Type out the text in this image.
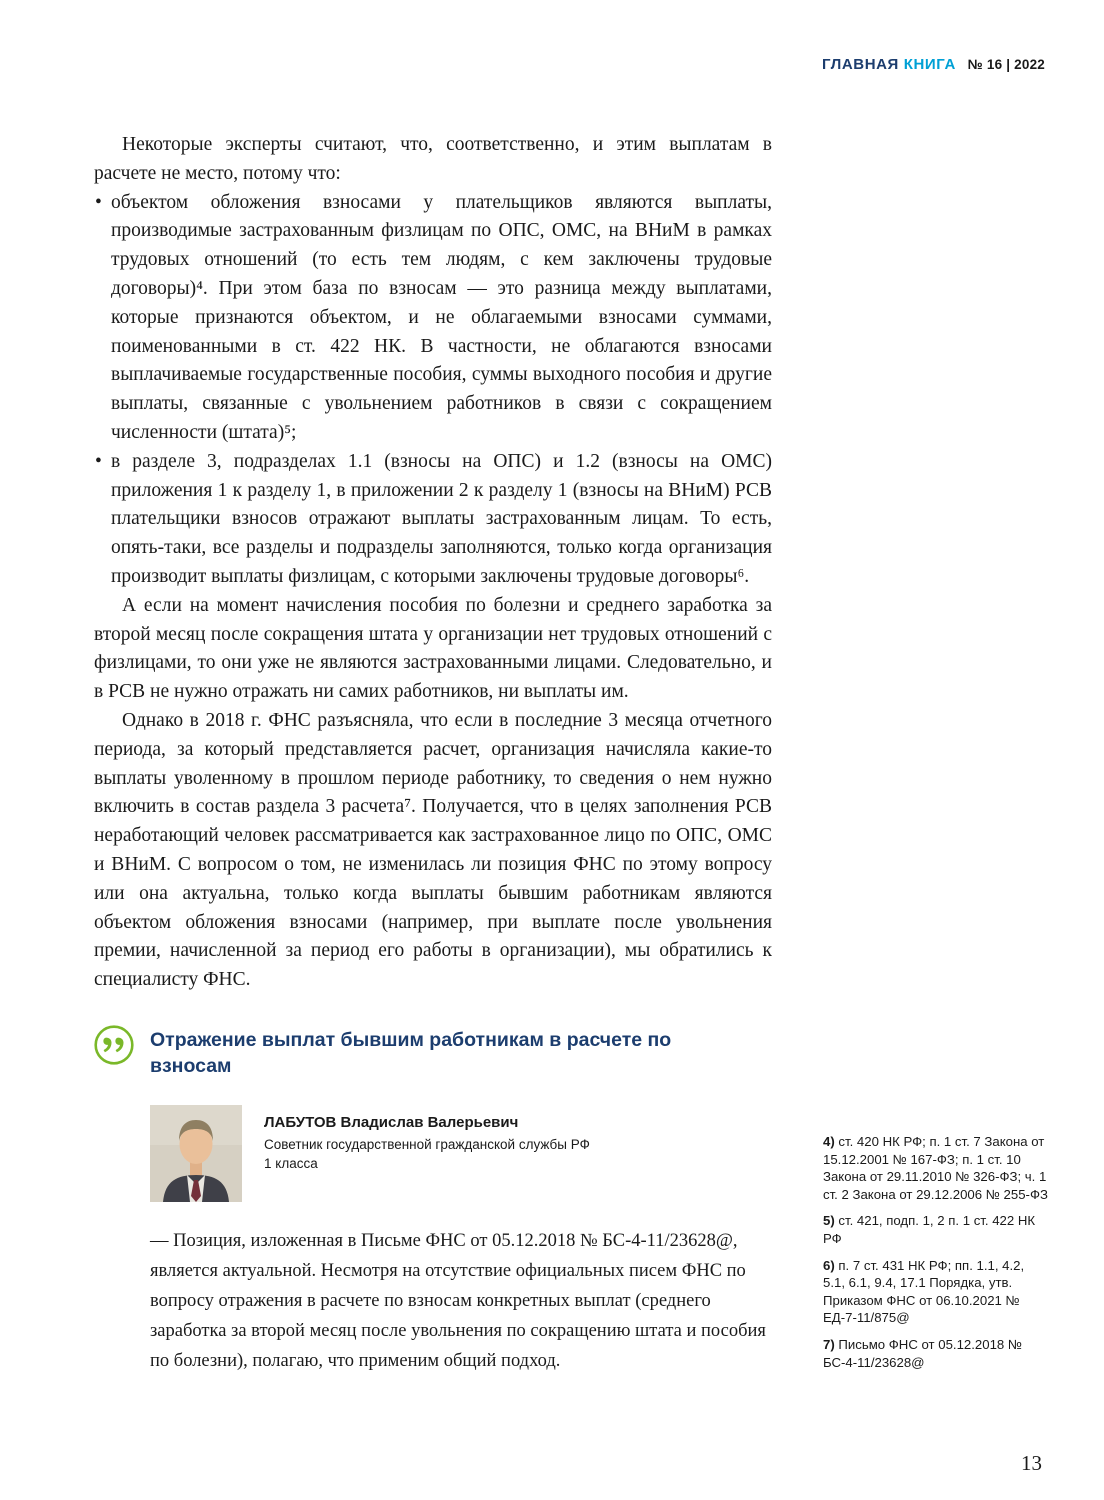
ГЛАВНАЯ КНИГА № 16 | 2022

Некоторые эксперты считают, что, соответственно, и этим выплатам в расчете не место, потому что:

• объектом обложения взносами у плательщиков являются выплаты, производимые застрахованным физлицам по ОПС, ОМС, на ВНиМ в рамках трудовых отношений (то есть тем людям, с кем заключены трудовые договоры)⁴. При этом база по взносам — это разница между выплатами, которые признаются объектом, и не облагаемыми взносами суммами, поименованными в ст. 422 НК. В частности, не облагаются взносами выплачиваемые государственные пособия, суммы выходного пособия и другие выплаты, связанные с увольнением работников в связи с сокращением численности (штата)⁵;
• в разделе 3, подразделах 1.1 (взносы на ОПС) и 1.2 (взносы на ОМС) приложения 1 к разделу 1, в приложении 2 к разделу 1 (взносы на ВНиМ) РСВ плательщики взносов отражают выплаты застрахованным лицам. То есть, опять-таки, все разделы и подразделы заполняются, только когда организация производит выплаты физлицам, с которыми заключены трудовые договоры⁶.

А если на момент начисления пособия по болезни и среднего заработка за второй месяц после сокращения штата у организации нет трудовых отношений с физлицами, то они уже не являются застрахованными лицами. Следовательно, и в РСВ не нужно отражать ни самих работников, ни выплаты им.

Однако в 2018 г. ФНС разъясняла, что если в последние 3 месяца отчетного периода, за который представляется расчет, организация начисляла какие-то выплаты уволенному в прошлом периоде работнику, то сведения о нем нужно включить в состав раздела 3 расчета⁷. Получается, что в целях заполнения РСВ неработающий человек рассматривается как застрахованное лицо по ОПС, ОМС и ВНиМ. С вопросом о том, не изменилась ли позиция ФНС по этому вопросу или она актуальна, только когда выплаты бывшим работникам являются объектом обложения взносами (например, при выплате после увольнения премии, начисленной за период его работы в организации), мы обратились к специалисту ФНС.

Отражение выплат бывшим работникам в расчете по взносам
ЛАБУТОВ Владислав Валерьевич
Советник государственной гражданской службы РФ
1 класса

— Позиция, изложенная в Письме ФНС от 05.12.2018 № БС-4-11/23628@, является актуальной. Несмотря на отсутствие официальных писем ФНС по вопросу отражения в расчете по взносам конкретных выплат (среднего заработка за второй месяц после увольнения по сокращению штата и пособия по болезни), полагаю, что применим общий подход.

4) ст. 420 НК РФ; п. 1 ст. 7 Закона от 15.12.2001 № 167-ФЗ; п. 1 ст. 10 Закона от 29.11.2010 № 326-ФЗ; ч. 1 ст. 2 Закона от 29.12.2006 № 255-ФЗ

5) ст. 421, подп. 1, 2 п. 1 ст. 422 НК РФ

6) п. 7 ст. 431 НК РФ; пп. 1.1, 4.2, 5.1, 6.1, 9.4, 17.1 Порядка, утв. Приказом ФНС от 06.10.2021 № ЕД-7-11/875@

7) Письмо ФНС от 05.12.2018 № БС-4-11/23628@

13
